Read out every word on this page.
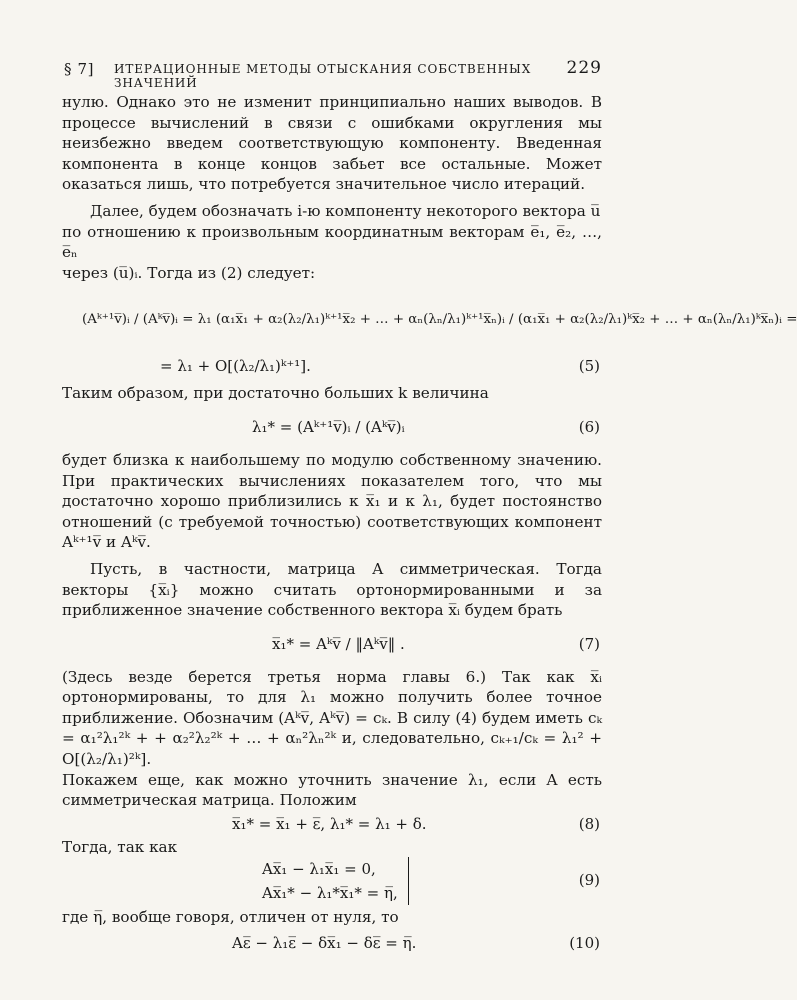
§ 7] ИТЕРАЦИОННЫЕ МЕТОДЫ ОТЫСКАНИЯ СОБСТВЕННЫХ ЗНАЧЕНИЙ
229

нулю. Однако это не изменит принципиально наших выводов. В процессе вычислений в связи с ошибками округления мы неизбежно введем соответствующую компоненту. Введенная компонента в конце концов забьет все остальные. Может оказаться лишь, что потребуется значительное число итераций.

Далее, будем обозначать i-ю компоненту некоторого вектора u̅

по отношению к произвольным координатным векторам e̅₁, e̅₂, …, e̅ₙ

через (u̅)ᵢ. Тогда из (2) следует:

(Aᵏ⁺¹v̅)ᵢ / (Aᵏv̅)ᵢ = λ₁ (α₁x̅₁ + α₂(λ₂/λ₁)ᵏ⁺¹x̅₂ + … + αₙ(λₙ/λ₁)ᵏ⁺¹x̅ₙ)ᵢ / (α₁x̅₁ + α₂(λ₂/λ₁)ᵏx̅₂ + … + αₙ(λₙ/λ₁)ᵏx̅ₙ)ᵢ =
= λ₁ + O[(λ₂/λ₁)ᵏ⁺¹].	(5)

Таким образом, при достаточно больших k величина

λ₁* = (Aᵏ⁺¹v̅)ᵢ / (Aᵏv̅)ᵢ	(6)

будет близка к наибольшему по модулю собственному значению. При практических вычислениях показателем того, что мы достаточно хорошо приблизились к x̅₁ и к λ₁, будет постоянство отношений (с требуемой точностью) соответствующих компонент Aᵏ⁺¹v̅ и Aᵏv̅.

Пусть, в частности, матрица A симметрическая. Тогда векторы {x̅ᵢ} можно считать ортонормированными и за приближенное значение собственного вектора x̅ᵢ будем брать

x̅₁* = Aᵏv̅ / ‖Aᵏv̅‖ .	(7)

(Здесь везде берется третья норма главы 6.) Так как x̅ᵢ ортонормированы, то для λ₁ можно получить более точное приближение. Обозначим (Aᵏv̅, Aᵏv̅) = cₖ. В силу (4) будем иметь cₖ = α₁²λ₁²ᵏ + + α₂²λ₂²ᵏ + … + αₙ²λₙ²ᵏ и, следовательно, cₖ₊₁/cₖ = λ₁² + O[(λ₂/λ₁)²ᵏ].

Покажем еще, как можно уточнить значение λ₁, если A есть симметрическая матрица. Положим

x̅₁* = x̅₁ + ε̅, λ₁* = λ₁ + δ.	(8)

Тогда, так как

Ax̅₁ − λ₁x̅₁ = 0,
Ax̅₁* − λ₁*x̅₁* = η̅,
(9)

где η̅, вообще говоря, отличен от нуля, то

Aε̅ − λ₁ε̅ − δx̅₁ − δε̅ = η̅.	(10)
